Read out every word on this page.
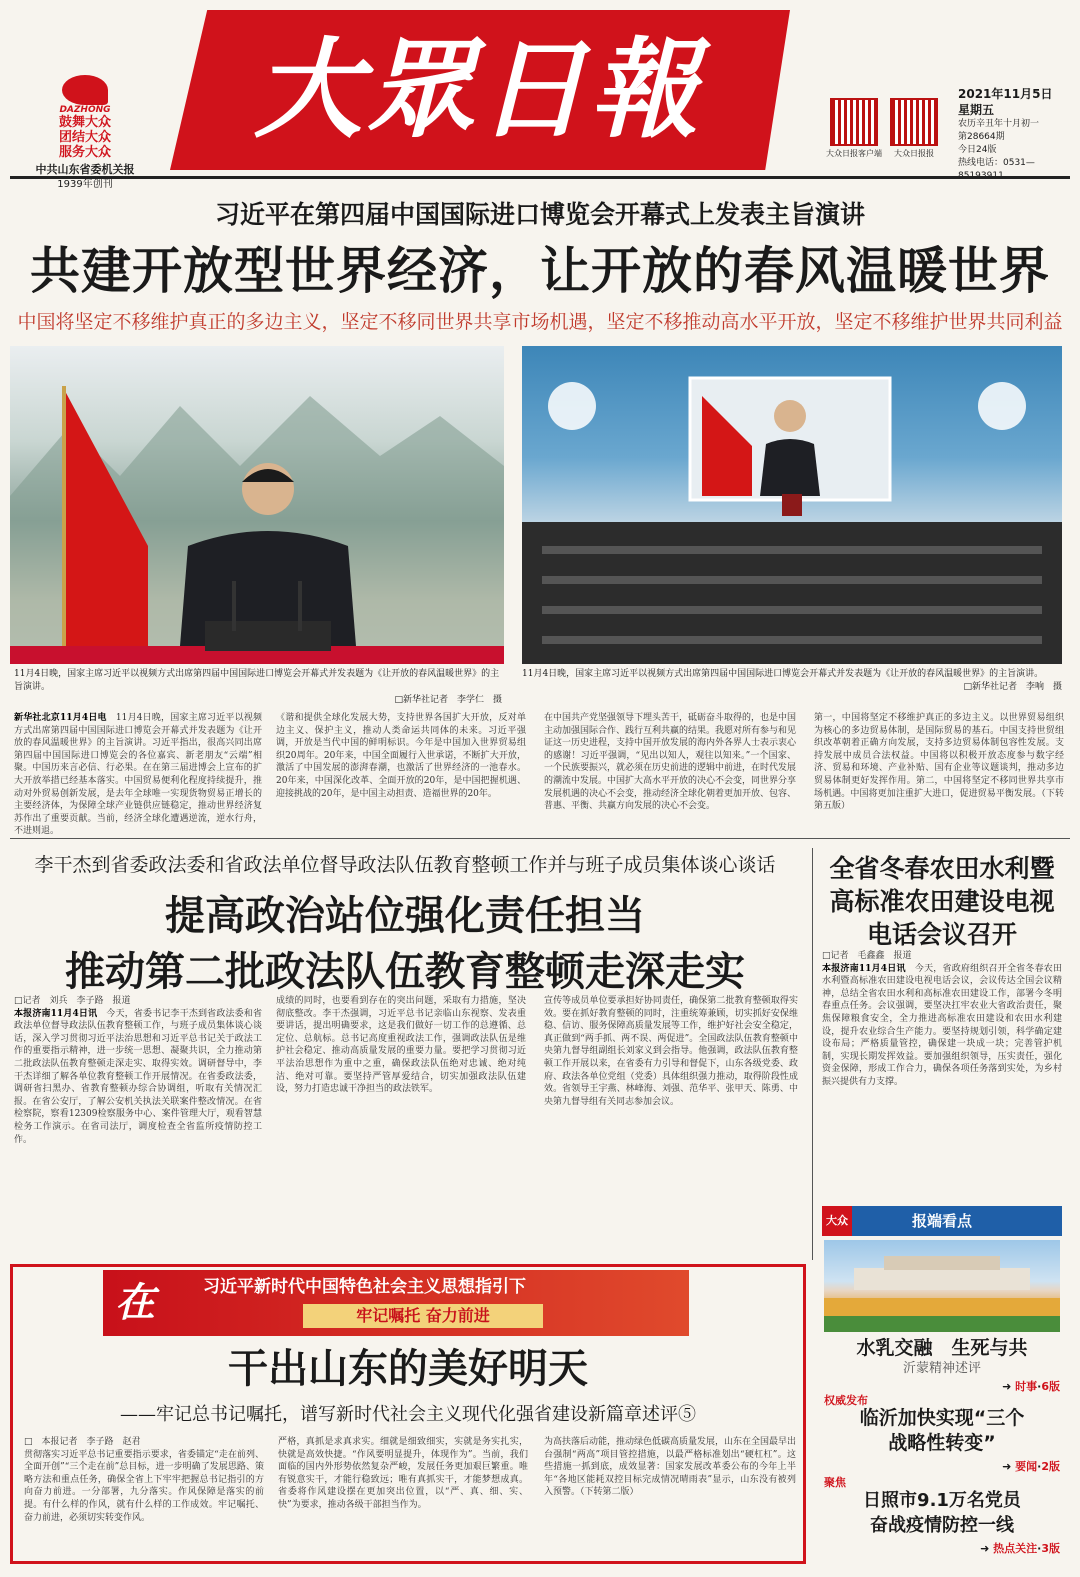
DAZHONG
鼓舞大众
团结大众
服务大众
中共山东省委机关报
1939年创刊
大眾日報
大众日报客户端	大众日报报
2021年11月5日
星期五
农历辛丑年十月初一
第28664期
今日24版
热线电话：0531—
习近平在第四届中国国际进口博览会开幕式上发表主旨演讲
共建开放型世界经济，让开放的春风温暖世界
中国将坚定不移维护真正的多边主义，坚定不移同世界共享市场机遇，坚定不移推动高水平开放，坚定不移维护世界共同利益
11月4日晚，国家主席习近平以视频方式出席第四届中国国际进口博览会开幕式并发表题为《让开放的春风温暖世界》的主旨演讲。
□新华社记者　李学仁　摄
11月4日晚，国家主席习近平以视频方式出席第四届中国国际进口博览会开幕式并发表题为《让开放的春风温暖世界》的主旨演讲。
□新华社记者　李响　摄
新华社北京11月4日电　 11月4日晚，国家主席习近平以视频方式出席第四届中国国际进口博览会开幕式并发表题为《让开放的春风温暖世界》的主旨演讲。习近平指出，很高兴同出席第四届中国国际进口博览会的各位嘉宾、新老朋友“云端”相聚。中国历来言必信、行必果。在在第三届进博会上宣布的扩大开放举措已经基本落实。中国贸易便利化程度持续提升，推动对外贸易创新发展，是去年全球唯一实现货物贸易正增长的主要经济体，为保障全球产业链供应链稳定，推动世界经济复苏作出了重要贡献。当前，经济全球化遭遇逆流，逆水行舟，不进则退。
《谐和提供全球化发展大势，支持世界各国扩大开放，反对单边主义、保护主义，推动人类命运共同体的未来。习近平强调，开放是当代中国的鲜明标识。今年是中国加入世界贸易组织20周年。20年来，中国全面履行入世承诺，不断扩大开放，激活了中国发展的澎湃春潮，也激活了世界经济的一池春水。20年来，中国深化改革、全面开放的20年，是中国把握机遇、迎接挑战的20年，是中国主动担责、造福世界的20年。
在中国共产党坚强领导下埋头苦干，砥砺奋斗取得的，也是中国主动加强国际合作、践行互利共赢的结果。我愿对所有参与和见证这一历史进程，支持中国开放发展的海内外各界人士表示衷心的感谢！习近平强调，“见出以知人，观往以知来。”一个国家、一个民族要振兴，就必须在历史前进的逻辑中前进，在时代发展的潮流中发展。中国扩大高水平开放的决心不会变，同世界分享发展机遇的决心不会变，推动经济全球化朝着更加开放、包容、普惠、平衡、共赢方向发展的决心不会变。
第一，中国将坚定不移维护真正的多边主义。以世界贸易组织为核心的多边贸易体制，是国际贸易的基石。中国支持世贸组织改革朝着正确方向发展，支持多边贸易体制包容性发展。支持发展中成员合法权益。中国将以积极开放态度参与数字经济、贸易和环境、产业补贴、国有企业等议题谈判，推动多边贸易体制更好发挥作用。第二，中国将坚定不移同世界共享市场机遇。中国将更加注重扩大进口，促进贸易平衡发展。（下转第五版）
李干杰到省委政法委和省政法单位督导政法队伍教育整顿工作并与班子成员集体谈心谈话
提高政治站位强化责任担当
推动第二批政法队伍教育整顿走深走实
□记者　刘兵　李子路　报道
本报济南11月4日讯　 今天，省委书记李干杰到省政法委和省政法单位督导政法队伍教育整顿工作，与班子成员集体谈心谈话，深入学习贯彻习近平法治思想和习近平总书记关于政法工作的重要指示精神，进一步统一思想、凝聚共识，全力推动第二批政法队伍教育整顿走深走实、取得实效。调研督导中，李干杰详细了解各单位教育整顿工作开展情况。在省委政法委，调研省扫黑办、省教育整顿办综合协调组，听取有关情况汇报。在省公安厅，了解公安机关执法关联案件整改情况。在省检察院，察看12309检察服务中心、案件管理大厅，观看智慧检务工作演示。在省司法厅，调度检查全省监所疫情防控工作。
成绩的同时，也要看到存在的突出问题，采取有力措施，坚决彻底整改。李干杰强调，习近平总书记亲临山东视察、发表重要讲话，提出明确要求，这是我们做好一切工作的总遵循、总定位、总航标。总书记高度重视政法工作，强调政法队伍是维护社会稳定、推动高质量发展的重要力量。要把学习贯彻习近平法治思想作为重中之重，确保政法队伍绝对忠诚、绝对纯洁、绝对可靠。要坚持严管厚爱结合，切实加强政法队伍建设，努力打造忠诚干净担当的政法铁军。
宣传等成员单位要承担好协同责任，确保第二批教育整顿取得实效。要在抓好教育整顿的同时，注重统筹兼顾，切实抓好安保维稳、信访、服务保障高质量发展等工作，维护好社会安全稳定，真正做到“两手抓、两不误、两促进”。全国政法队伍教育整顿中央第九督导组副组长刘家义到会指导。他强调，政法队伍教育整顿工作开展以来，在省委有力引导和督促下，山东各级党委、政府、政法各单位党组（党委）具体组织强力推动，取得阶段性成效。省领导王宇燕、林峰海、刘强、范华平、张甲天、陈勇、中央第九督导组有关同志参加会议。
全省冬春农田水利暨高标准农田建设电视电话会议召开
□记者　毛鑫鑫　报道
本报济南11月4日讯　 今天，省政府组织召开全省冬春农田水利暨高标准农田建设电视电话会议，会议传达全国会议精神，总结全省农田水利和高标准农田建设工作，部署今冬明春重点任务。会议强调，要坚决扛牢农业大省政治责任，聚焦保障粮食安全，全力推进高标准农田建设和农田水利建设，提升农业综合生产能力。要坚持规划引领，科学确定建设布局；严格质量管控，确保建一块成一块；完善管护机制，实现长期发挥效益。要加强组织领导，压实责任，强化资金保障，形成工作合力，确保各项任务落到实处，为乡村振兴提供有力支撑。
在	习近平新时代中国特色社会主义思想指引下
牢记嘱托 奋力前进
干出山东的美好明天
——牢记总书记嘱托，谱写新时代社会主义现代化强省建设新篇章述评⑤
□　本报记者　李子路　赵君
贯彻落实习近平总书记重要指示要求，省委锚定“走在前列、全面开创”“三个走在前”总目标，进一步明确了发展思路、策略方法和重点任务，确保全省上下牢牢把握总书记指引的方向奋力前进。一分部署，九分落实。作风保障是落实的前提。有什么样的作风，就有什么样的工作成效。牢记嘱托、奋力前进，必须切实转变作风。
严格，真抓是求真求实。细就是细致细实，实就是务实扎实，快就是高效快捷。“作风要明显提升，体现作为”。当前，我们面临的国内外形势依然复杂严峻，发展任务更加艰巨繁重。唯有锐意实干，才能行稳致远；唯有真抓实干，才能梦想成真。省委将作风建设摆在更加突出位置，以“严、真、细、实、快”为要求，推动各级干部担当作为。
为高扶落后动能，推动绿色低碳高质量发展，山东在全国最早出台强制“两高”项目管控措施，以最严格标准划出“硬杠杠”。这些措施一抓到底，成效显著：国家发展改革委公布的今年上半年“各地区能耗双控目标完成情况晴雨表”显示，山东没有被列入预警。（下转第二版）
报端看点
大众
水乳交融　生死与共
沂蒙精神述评
➜ 时事·6版
权威发布
临沂加快实现“三个战略性转变”
➜ 要闻·2版
聚焦
日照市9.1万名党员奋战疫情防控一线
➜ 热点关注·3版
